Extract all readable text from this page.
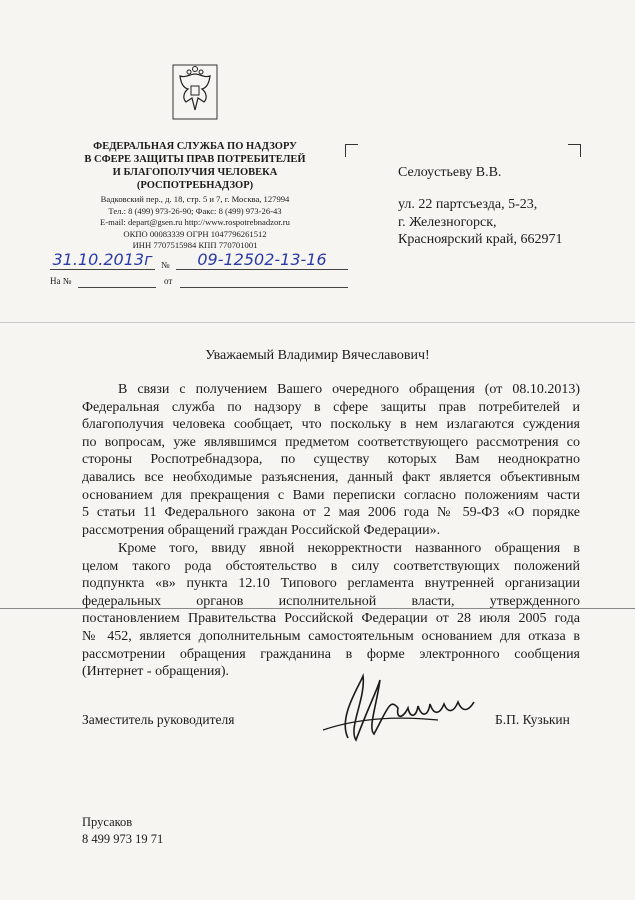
ФЕДЕРАЛЬНАЯ СЛУЖБА ПО НАДЗОРУ
В СФЕРЕ ЗАЩИТЫ ПРАВ ПОТРЕБИТЕЛЕЙ
И БЛАГОПОЛУЧИЯ ЧЕЛОВЕКА
(РОСПОТРЕБНАДЗОР)
Вадковский пер., д. 18, стр. 5 и 7, г. Москва, 127994
Тел.: 8 (499) 973-26-90; Факс: 8 (499) 973-26-43
E-mail: depart@gsen.ru http://www.rospotrebnadzor.ru
ОКПО 00083339 ОГРН 1047796261512
ИНН 7707515984 КПП 770701001
31.10.2013г №	09-12502-13-16
На №	от
Селоустьеву В.В.
ул. 22 партсъезда, 5-23,
г. Железногорск,
Красноярский край, 662971
Уважаемый Владимир Вячеславович!
В связи с получением Вашего очередного обращения (от 08.10.2013)
Федеральная служба по надзору в сфере защиты прав потребителей и
благополучия человека сообщает, что поскольку в нем излагаются суждения
по вопросам, уже являвшимся предметом соответствующего рассмотрения со
стороны Роспотребнадзора, по существу которых Вам неоднократно
давались все необходимые разъяснения, данный факт является объективным
основанием для прекращения с Вами переписки согласно положениям части
5 статьи 11 Федерального закона от 2 мая 2006 года № 59-ФЗ «О порядке
рассмотрения обращений граждан Российской Федерации».
Кроме того, ввиду явной некорректности названного обращения в
целом такого рода обстоятельство в силу соответствующих положений
подпункта «в» пункта 12.10 Типового регламента внутренней организации
федеральных органов исполнительной власти, утвержденного
постановлением Правительства Российской Федерации от 28 июля 2005 года
№ 452, является дополнительным самостоятельным основанием для отказа в
рассмотрении обращения гражданина в форме электронного сообщения
(Интернет - обращения).
Заместитель руководителя	Б.П. Кузькин
Прусаков
8 499 973 19 71
